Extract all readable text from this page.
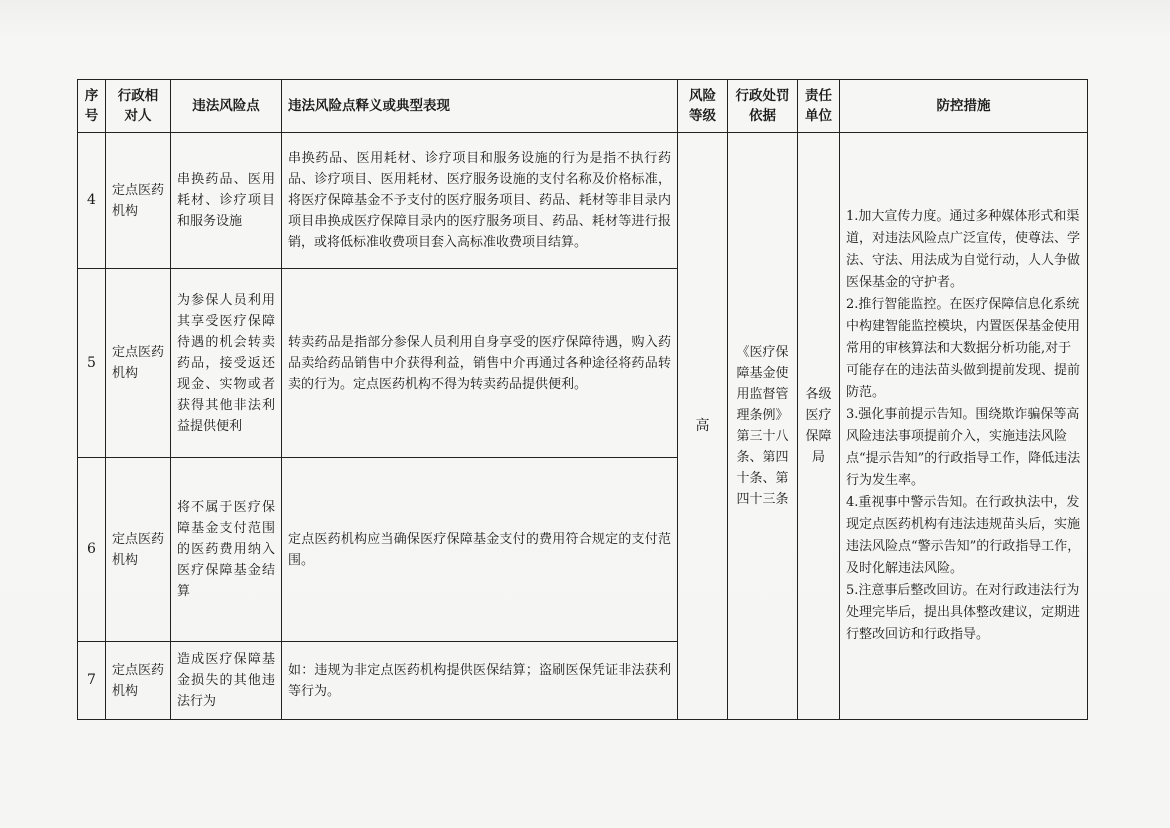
序号	行政相对人	违法风险点	违法风险点释义或典型表现	风险等级	行政处罚依据	责任单位	防控措施
4	定点医药机构	串换药品、医用耗材、诊疗项目和服务设施	串换药品、医用耗材、诊疗项目和服务设施的行为是指不执行药品、诊疗项目、医用耗材、医疗服务设施的支付名称及价格标准，将医疗保障基金不予支付的医疗服务项目、药品、耗材等非目录内项目串换成医疗保障目录内的医疗服务项目、药品、耗材等进行报销，或将低标准收费项目套入高标准收费项目结算。	高	《医疗保障基金使用监督管理条例》第三十八条、第四十条、第四十三条	各级医疗保障局	1.加大宣传力度。通过多种媒体形式和渠道，对违法风险点广泛宣传，使尊法、学法、守法、用法成为自觉行动，人人争做医保基金的守护者。
2.推行智能监控。在医疗保障信息化系统中构建智能监控模块，内置医保基金使用常用的审核算法和大数据分析功能,对于可能存在的违法苗头做到提前发现、提前防范。
3.强化事前提示告知。围绕欺诈骗保等高风险违法事项提前介入，实施违法风险点“提示告知”的行政指导工作，降低违法行为发生率。
4.重视事中警示告知。在行政执法中，发现定点医药机构有违法违规苗头后，实施违法风险点“警示告知”的行政指导工作，及时化解违法风险。
5.注意事后整改回访。在对行政违法行为处理完毕后，提出具体整改建议，定期进行整改回访和行政指导。

5	定点医药机构	为参保人员利用其享受医疗保障待遇的机会转卖药品，接受返还现金、实物或者获得其他非法利益提供便利	转卖药品是指部分参保人员利用自身享受的医疗保障待遇，购入药品卖给药品销售中介获得利益，销售中介再通过各种途径将药品转卖的行为。定点医药机构不得为转卖药品提供便利。				
6	定点医药机构	将不属于医疗保障基金支付范围的医药费用纳入医疗保障基金结算	定点医药机构应当确保医疗保障基金支付的费用符合规定的支付范围。				
7	定点医药机构	造成医疗保障基金损失的其他违法行为	如：违规为非定点医药机构提供医保结算；盗刷医保凭证非法获利等行为。				
